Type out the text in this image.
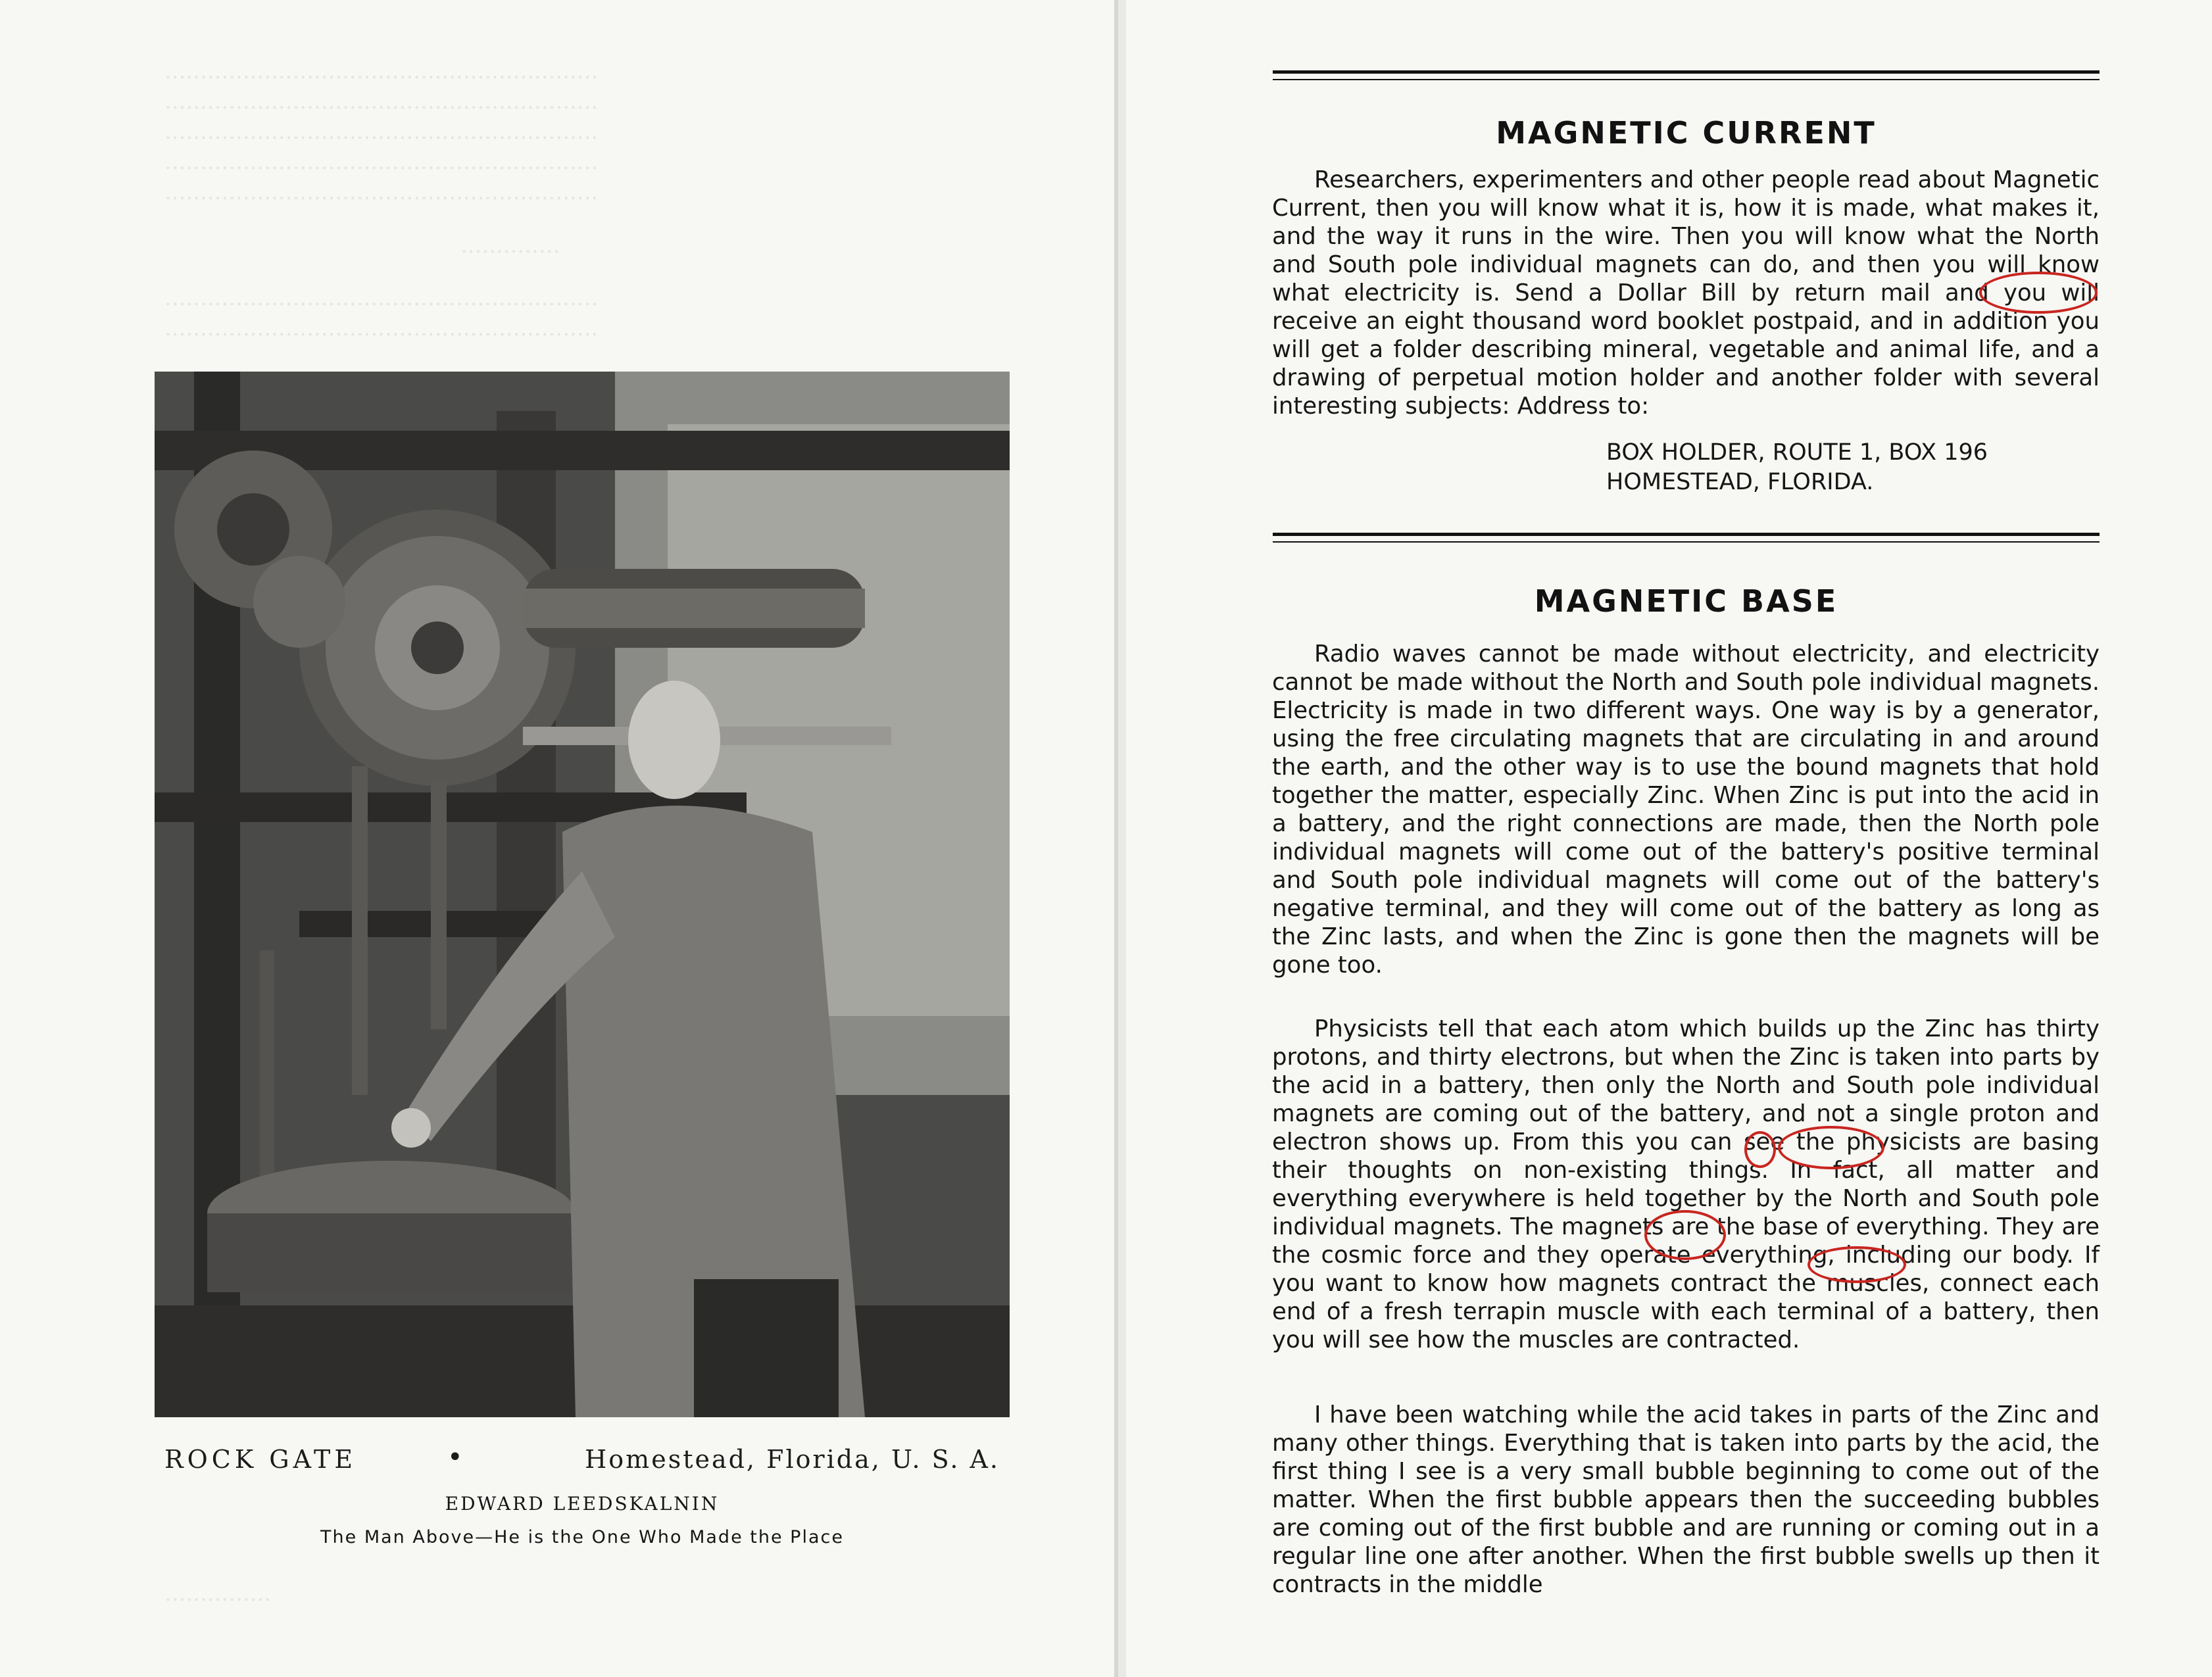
·····························································
·····························································
·····························································
·····························································
·····························································
··············
·····························································
·····························································
···············
ROCK GATE	•	Homestead, Florida, U. S. A.
EDWARD LEEDSKALNIN
The Man Above—He is the One Who Made the Place
MAGNETIC CURRENT

Researchers, experimenters and other people read about Magnetic Current, then you will know what it is, how it is made, what makes it, and the way it runs in the wire. Then you will know what the North and South pole individual magnets can do, and then you will know what electricity is. Send a Dollar Bill by return mail and you will receive an eight thousand word booklet postpaid, and in addition you will get a folder describing mineral, vegetable and animal life, and a drawing of perpetual motion holder and another folder with several interesting subjects: Address to:

BOX HOLDER, ROUTE 1, BOX 196
HOMESTEAD, FLORIDA.
MAGNETIC BASE

Radio waves cannot be made without electricity, and electricity cannot be made without the North and South pole individual magnets. Electricity is made in two different ways. One way is by a generator, using the free circulating magnets that are circulating in and around the earth, and the other way is to use the bound magnets that hold together the matter, especially Zinc. When Zinc is put into the acid in a battery, and the right connections are made, then the North pole individual magnets will come out of the battery's positive terminal and South pole individual magnets will come out of the battery's negative terminal, and they will come out of the battery as long as the Zinc lasts, and when the Zinc is gone then the magnets will be gone too.

Physicists tell that each atom which builds up the Zinc has thirty protons, and thirty electrons, but when the Zinc is taken into parts by the acid in a battery, then only the North and South pole individual magnets are coming out of the battery, and not a single proton and electron shows up. From this you can see the physicists are basing their thoughts on non-existing things. In fact, all matter and everything everywhere is held together by the North and South pole individual magnets. The magnets are the base of everything. They are the cosmic force and they operate everything, including our body. If you want to know how magnets contract the muscles, connect each end of a fresh terrapin muscle with each terminal of a battery, then you will see how the muscles are contracted.

I have been watching while the acid takes in parts of the Zinc and many other things. Everything that is taken into parts by the acid, the first thing I see is a very small bubble beginning to come out of the matter. When the first bubble appears then the succeeding bubbles are coming out of the first bubble and are running or coming out in a regular line one after another. When the first bubble swells up then it contracts in the middle
